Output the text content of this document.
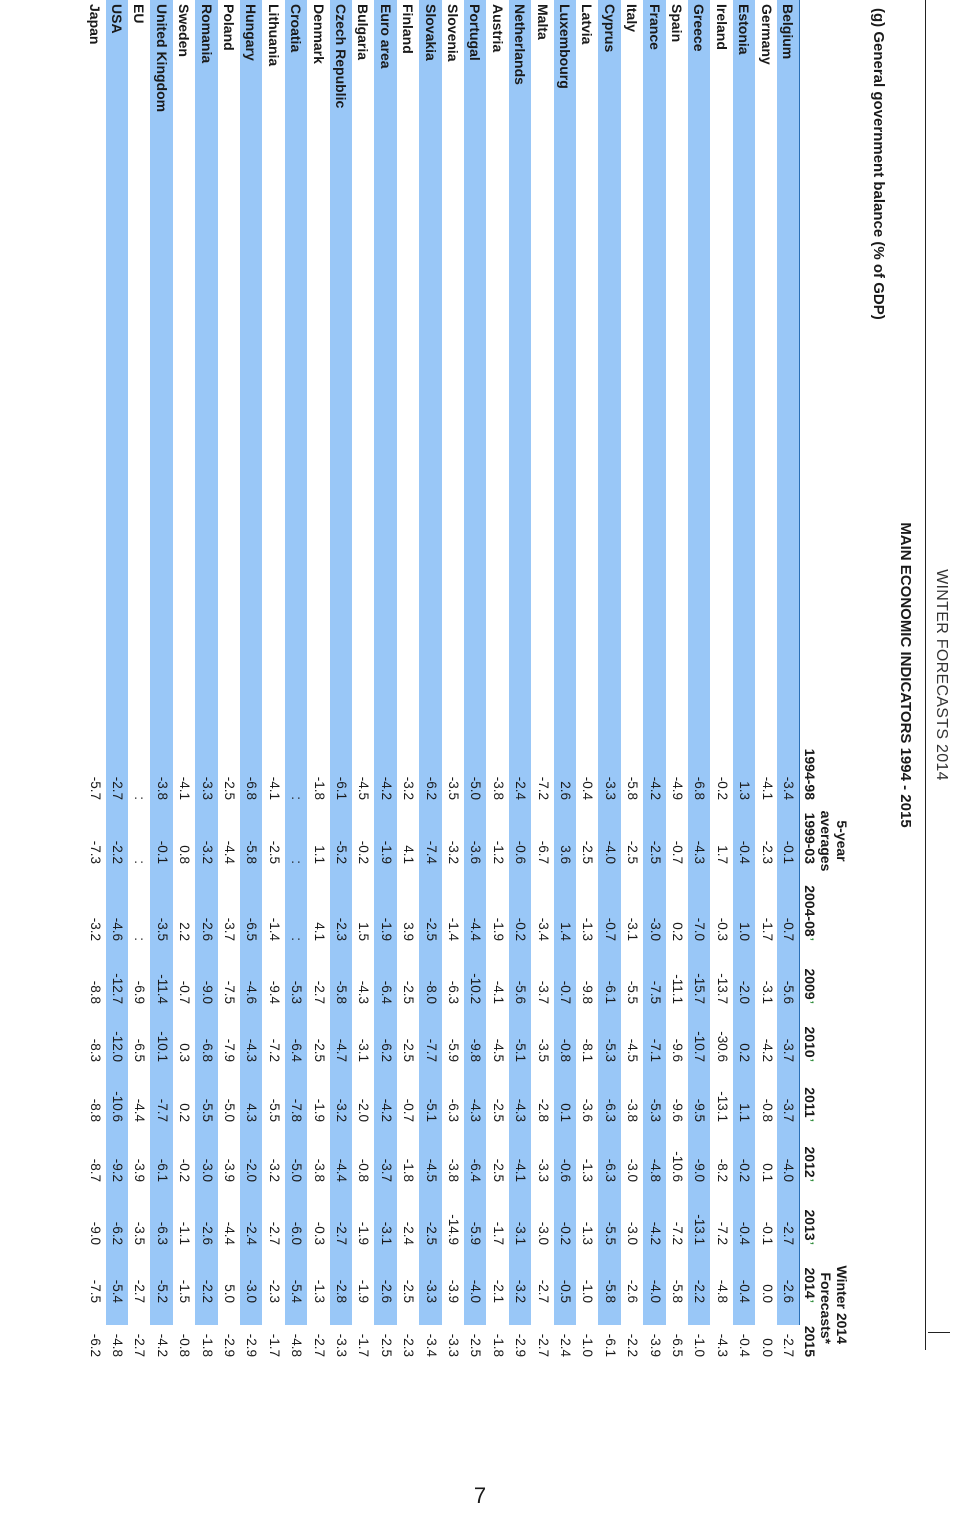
WINTER FORECASTS 2014
MAIN ECONOMIC INDICATORS 1994 - 2015
(g) General government balance (% of GDP)
5-year
averages
Winter 2014
Forecasts*
1994-98
1999-03
2004-08ʼ
2009ʼ
2010ʼ
2011ʼ
2012ʼ
2013ʼ
2014ʼ
2015
Belgium
-3.4
-0.1
-0.7
-5.6
-3.7
-3.7
-4.0
-2.7
-2.6
-2.7
Germany
-4.1
-2.3
-1.7
-3.1
-4.2
-0.8
0.1
-0.1
0.0
0.0
Estonia
1.3
-0.4
1.0
-2.0
0.2
1.1
-0.2
-0.4
-0.4
-0.4
Ireland
-0.2
1.7
-0.3
-13.7
-30.6
-13.1
-8.2
-7.2
-4.8
-4.3
Greece
-6.8
-4.3
-7.0
-15.7
-10.7
-9.5
-9.0
-13.1
-2.2
-1.0
Spain
-4.9
-0.7
0.2
-11.1
-9.6
-9.6
-10.6
-7.2
-5.8
-6.5
France
-4.2
-2.5
-3.0
-7.5
-7.1
-5.3
-4.8
-4.2
-4.0
-3.9
Italy
-5.8
-2.5
-3.1
-5.5
-4.5
-3.8
-3.0
-3.0
-2.6
-2.2
Cyprus
-3.3
-4.0
-0.7
-6.1
-5.3
-6.3
-6.3
-5.5
-5.8
-6.1
Latvia
-0.4
-2.5
-1.3
-9.8
-8.1
-3.6
-1.3
-1.3
-1.0
-1.0
Luxembourg
2.6
3.6
1.4
-0.7
-0.8
0.1
-0.6
-0.2
-0.5
-2.4
Malta
-7.2
-6.7
-3.4
-3.7
-3.5
-2.8
-3.3
-3.0
-2.7
-2.7
Netherlands
-2.4
-0.6
-0.2
-5.6
-5.1
-4.3
-4.1
-3.1
-3.2
-2.9
Austria
-3.8
-1.2
-1.9
-4.1
-4.5
-2.5
-2.5
-1.7
-2.1
-1.8
Portugal
-5.0
-3.6
-4.4
-10.2
-9.8
-4.3
-6.4
-5.9
-4.0
-2.5
Slovenia
-3.5
-3.2
-1.4
-6.3
-5.9
-6.3
-3.8
-14.9
-3.9
-3.3
Slovakia
-6.2
-7.4
-2.5
-8.0
-7.7
-5.1
-4.5
-2.5
-3.3
-3.4
Finland
-3.2
4.1
3.9
-2.5
-2.5
-0.7
-1.8
-2.4
-2.5
-2.3
Euro area
-4.2
-1.9
-1.9
-6.4
-6.2
-4.2
-3.7
-3.1
-2.6
-2.5
Bulgaria
-4.5
-0.2
1.5
-4.3
-3.1
-2.0
-0.8
-1.9
-1.9
-1.7
Czech Republic
-6.1
-5.2
-2.3
-5.8
-4.7
-3.2
-4.4
-2.7
-2.8
-3.3
Denmark
-1.8
1.1
4.1
-2.7
-2.5
-1.9
-3.8
-0.3
-1.3
-2.7
Croatia
:
:
:
-5.3
-6.4
-7.8
-5.0
-6.0
-5.4
-4.8
Lithuania
-4.1
-2.5
-1.4
-9.4
-7.2
-5.5
-3.2
-2.7
-2.3
-1.7
Hungary
-6.8
-5.8
-6.5
-4.6
-4.3
4.3
-2.0
-2.4
-3.0
-2.9
Poland
-2.5
-4.4
-3.7
-7.5
-7.9
-5.0
-3.9
-4.4
5.0
-2.9
Romania
-3.3
-3.2
-2.6
-9.0
-6.8
-5.5
-3.0
-2.6
-2.2
-1.8
Sweden
-4.1
0.8
2.2
-0.7
0.3
0.2
-0.2
-1.1
-1.5
-0.8
United Kingdom
-3.8
-0.1
-3.5
-11.4
-10.1
-7.7
-6.1
-6.3
-5.2
-4.2
EU
:
:
:
-6.9
-6.5
-4.4
-3.9
-3.5
-2.7
-2.7
USA
-2.7
-2.2
-4.6
-12.7
-12.0
-10.6
-9.2
-6.2
-5.4
-4.8
Japan
-5.7
-7.3
-3.2
-8.8
-8.3
-8.8
-8.7
-9.0
-7.5
-6.2
7
